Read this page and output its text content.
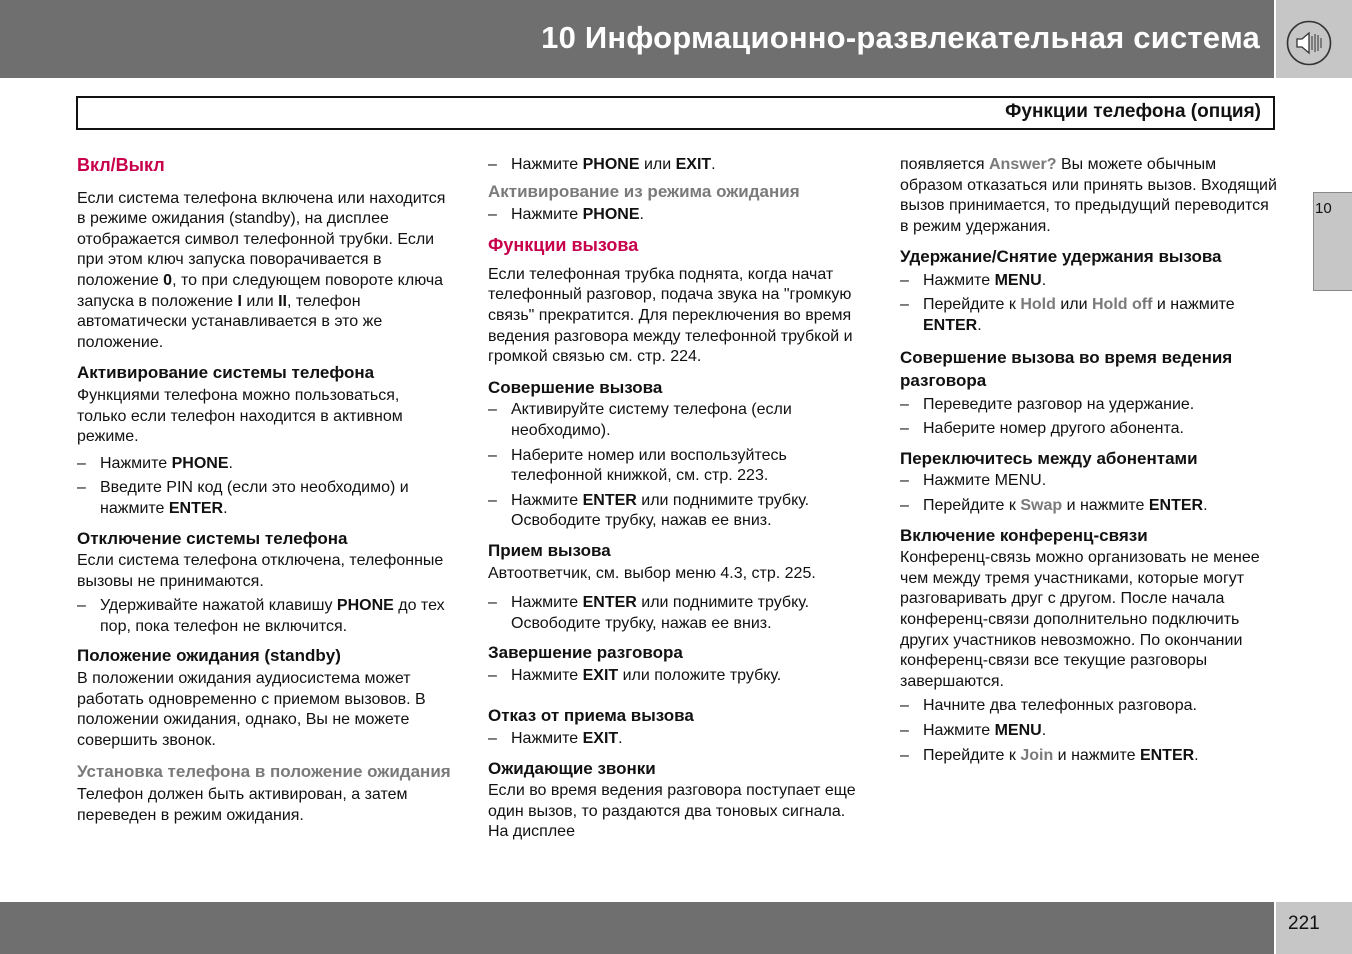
10 Информационно-развлекательная система
Функции телефона (опция)
10
Вкл/Выкл

Если система телефона включена или находится в режиме ожидания (standby), на дисплее отображается символ телефонной трубки. Если при этом ключ запуска поворачивается в положение 0, то при следующем повороте ключа запуска в положение I или II, телефон автоматически устанавливается в это же положение.

Активирование системы телефона

Функциями телефона можно пользоваться, только если телефон находится в активном режиме.

– Нажмите PHONE.
– Введите PIN код (если это необходимо) и нажмите ENTER.
Отключение системы телефона

Если система телефона отключена, телефонные вызовы не принимаются.

– Удерживайте нажатой клавишу PHONE до тех пор, пока телефон не включится.
Положение ожидания (standby)

В положении ожидания аудиосистема может работать одновременно с приемом вызовов. В положении ожидания, однако, Вы не можете совершить звонок.

Установка телефона в положение ожидания

Телефон должен быть активирован, а затем переведен в режим ожидания.

– Нажмите PHONE или EXIT.
Активирование из режима ожидания
– Нажмите PHONE.
Функции вызова

Если телефонная трубка поднята, когда начат телефонный разговор, подача звука на "громкую связь" прекратится. Для переключения во время ведения разговора между телефонной трубкой и громкой связью см. стр. 224.

Совершение вызова
– Активируйте систему телефона (если необходимо).
– Наберите номер или воспользуйтесь телефонной книжкой, см. стр. 223.
– Нажмите ENTER или поднимите трубку. Освободите трубку, нажав ее вниз.
Прием вызова

Автоответчик, см. выбор меню 4.3, стр. 225.

– Нажмите ENTER или поднимите трубку. Освободите трубку, нажав ее вниз.
Завершение разговора
– Нажмите EXIT или положите трубку.
Отказ от приема вызова
– Нажмите EXIT.
Ожидающие звонки

Если во время ведения разговора поступает еще один вызов, то раздаются два тоновых сигнала. На дисплее

появляется Answer? Вы можете обычным образом отказаться или принять вызов. Входящий вызов принимается, то предыдущий переводится в режим удержания.

Удержание/Снятие удержания вызова
– Нажмите MENU.
– Перейдите к Hold или Hold off и нажмите ENTER.
Совершение вызова во время ведения разговора
– Переведите разговор на удержание.
– Наберите номер другого абонента.
Переключитесь между абонентами
– Нажмите MENU.
– Перейдите к Swap и нажмите ENTER.
Включение конференц-связи

Конференц-связь можно организовать не менее чем между тремя участниками, которые могут разговаривать друг с другом. После начала конференц-связи дополнительно подключить других участников невозможно. По окончании конференц-связи все текущие разговоры завершаются.

– Начните два телефонных разговора.
– Нажмите MENU.
– Перейдите к Join и нажмите ENTER.
221
